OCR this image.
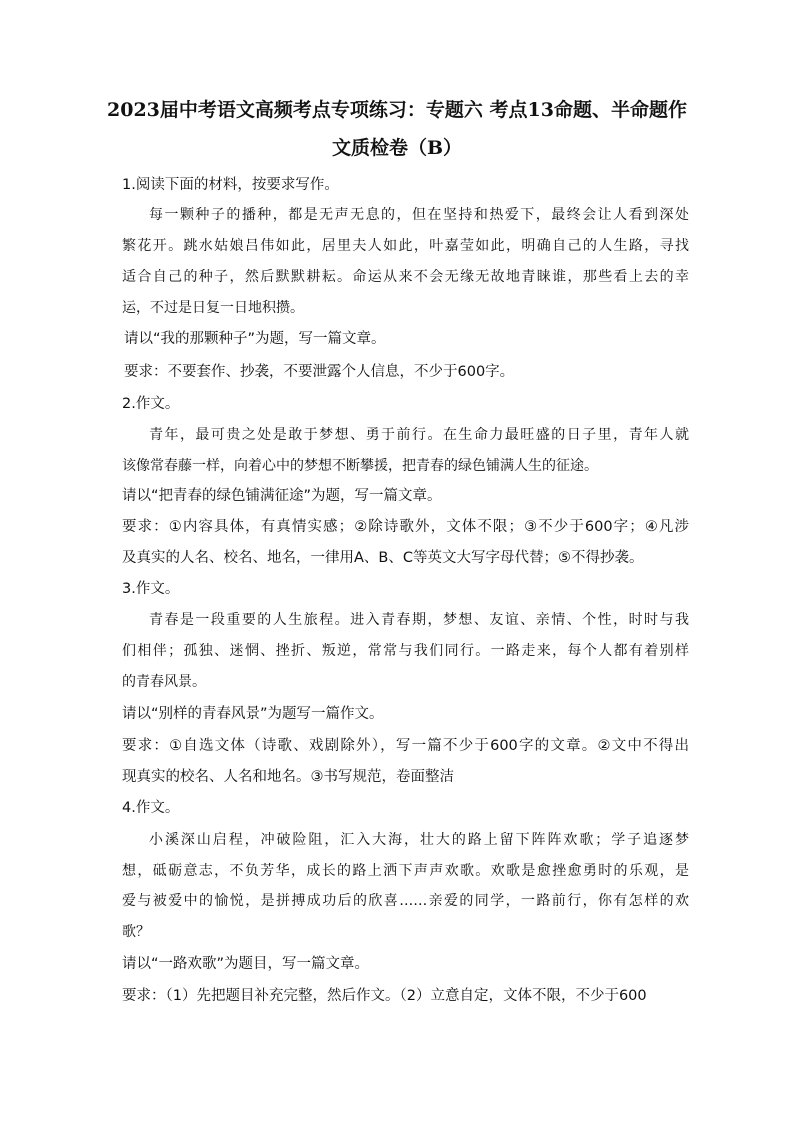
2023届中考语文高频考点专项练习：专题六 考点13命题、半命题作
文质检卷（B）
1.阅读下面的材料，按要求写作。
每一颗种子的播种，都是无声无息的，但在坚持和热爱下，最终会让人看到深处
繁花开。跳水姑娘吕伟如此，居里夫人如此，叶嘉莹如此，明确自己的人生路，寻找
适合自己的种子，然后默默耕耘。命运从来不会无缘无故地青睐谁，那些看上去的幸
运，不过是日复一日地积攒。
请以“我的那颗种子”为题，写一篇文章。
要求：不要套作、抄袭，不要泄露个人信息，不少于600字。
2.作文。
青年，最可贵之处是敢于梦想、勇于前行。在生命力最旺盛的日子里，青年人就
该像常春藤一样，向着心中的梦想不断攀援，把青春的绿色铺满人生的征途。
请以“把青春的绿色铺满征途”为题，写一篇文章。
要求：①内容具体，有真情实感；②除诗歌外，文体不限；③不少于600字；④凡涉
及真实的人名、校名、地名，一律用A、B、C等英文大写字母代替；⑤不得抄袭。
3.作文。
青春是一段重要的人生旅程。进入青春期，梦想、友谊、亲情、个性，时时与我
们相伴；孤独、迷惘、挫折、叛逆，常常与我们同行。一路走来，每个人都有着别样
的青春风景。
请以“别样的青春风景”为题写一篇作文。
要求：①自选文体（诗歌、戏剧除外），写一篇不少于600字的文章。②文中不得出
现真实的校名、人名和地名。③书写规范，卷面整洁
4.作文。
小溪深山启程，冲破险阻，汇入大海，壮大的路上留下阵阵欢歌；学子追逐梦
想，砥砺意志，不负芳华，成长的路上洒下声声欢歌。欢歌是愈挫愈勇时的乐观，是
爱与被爱中的愉悦，是拼搏成功后的欣喜……亲爱的同学，一路前行，你有怎样的欢
歌？
请以“一路欢歌”为题目，写一篇文章。
要求：（1）先把题目补充完整，然后作文。（2）立意自定，文体不限，不少于600
